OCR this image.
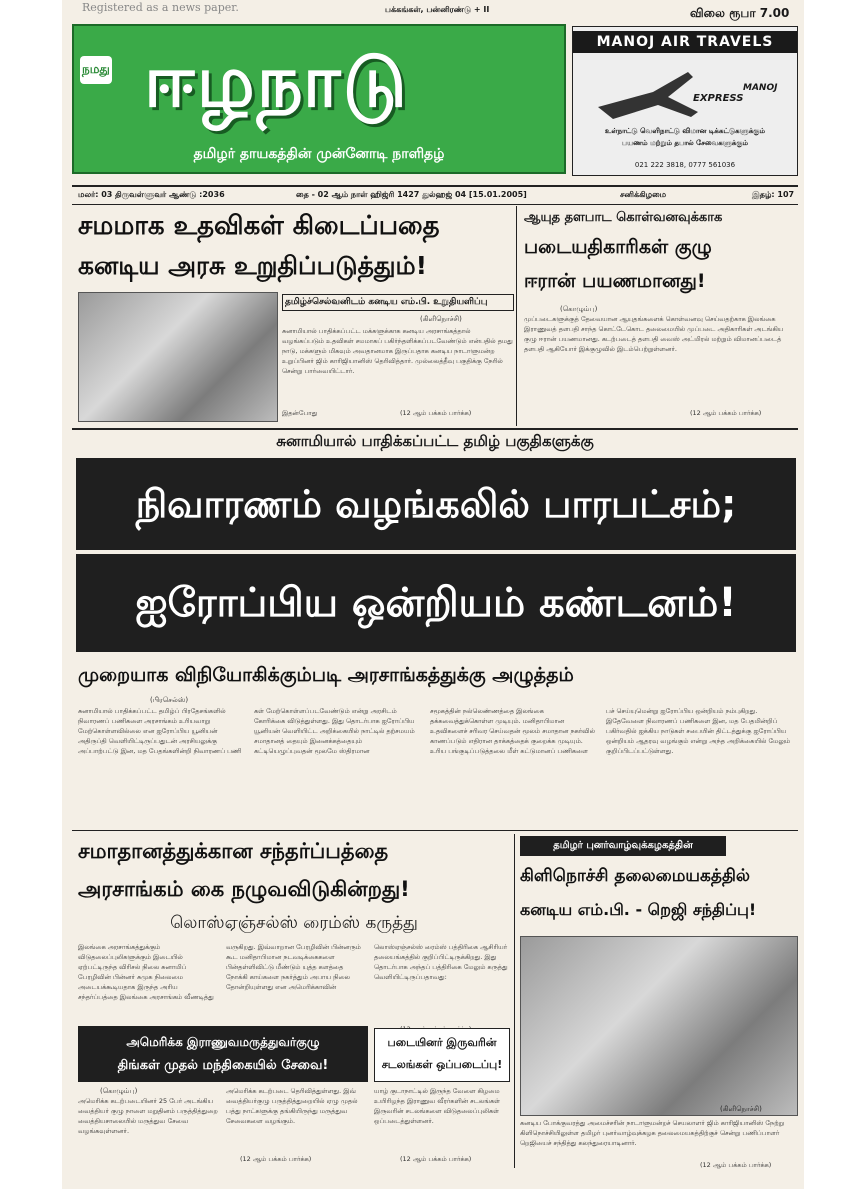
Registered as a news paper.	பக்கங்கள், பன்னிரண்டு + II	விலை ரூபா 7.00
நமது ஈழநாடு
தமிழர் தாயகத்தின் முன்னோடி நாளிதழ்
MANOJ AIR TRAVELS
EXPRESS
MANOJ
உள்நாட்டு வெளிநாட்டு விமான டிக்கட்டுகளுக்கும்
பயணம் மற்றும் தபால் சேவைகளுக்கும்
021 222 3818, 0777 561036
மலர்: 03 திருவள்ளுவர் ஆண்டு :2036	தை - 02 ஆம் நாள் ஹிஜ்ரி 1427 துல்ஹஜ் 04 [15.01.2005]	சனிக்கிழமை	இதழ்: 107
சமமாக உதவிகள் கிடைப்பதை
கனடிய அரசு உறுதிப்படுத்தும்!
தமிழ்ச்செல்வனிடம் கனடிய எம்.பி. உறுதியளிப்பு
(கிளிநொச்சி)
சுனாமியால் பாதிக்கப்பட்ட மக்களுக்காக கனடிய அரசாங்கத்தால் வழங்கப்படும் உதவிகள் சமமாகப் பகிர்ந்தளிக்கப்படவேண்டும் என்பதில் தமது நாடு, மக்களும் மிகவும் அவதானமாக இருப்பதாக கனடிய நாடாளுமன்ற உறுப்பினர் ஜிம் காரிஜியானிஸ் தெரிவித்தார். முல்லைத்தீவு பகுதிக்கு நேரில் சென்று பார்வையிட்டார்.
இதன்போது	(12 ஆம் பக்கம் பார்க்க)
ஆயுத தளபாட கொள்வனவுக்காக
படையதிகாரிகள் குழு
ஈரான் பயணமானது!
(கொழும்பு)
முப்படைகளுக்குத் தேவையான ஆயுதங்களைக் கொள்வனவு செய்வதற்காக இலங்கை இராணுவத் தளபதி சாந்த கொட்டேகொட தலைமையில் முப்படை அதிகாரிகள் அடங்கிய குழு ஈரான் பயணமானது. கடற்படைத் தளபதி வைஸ் அட்மிரல் மற்றும் விமானப்படைத் தளபதி ஆகியோர் இக்குழுவில் இடம்பெற்றுள்ளனர்.
(12 ஆம் பக்கம் பார்க்க)
சுனாமியால் பாதிக்கப்பட்ட தமிழ் பகுதிகளுக்கு
நிவாரணம் வழங்கலில் பாரபட்சம்;
ஐரோப்பிய ஒன்றியம் கண்டனம்!
முறையாக விநியோகிக்கும்படி அரசாங்கத்துக்கு அழுத்தம்
(பிரசெல்ஸ்)
சுனாமியால் பாதிக்கப்பட்ட தமிழ்ப் பிரதேசங்களில் நிவாரணப் பணிகளை அரசாங்கம் உரியவாறு மேற்கொள்ளவில்லை என ஐரோப்பிய யூனியன் அதிருப்தி வெளியிட்டிருப்பதுடன் அரசியலுக்கு அப்பாற்பட்டு இன, மத பேதங்களின்றி நிவாரணப் பணி
கள் மேற்கொள்ளப்படவேண்டும் என்று அரசிடம் கோரிக்கை விடுத்துள்ளது. இது தொடர்பாக ஐரோப்பிய யூனியன் வெளியிட்ட அறிக்கையில் நாட்டில் தற்சமயம் சமாதானத் தையும் இனைக்கத்தையும் கட்டியெழுப்புவதன் மூலமே ஸ்திரமான
சமூகத்தின் நல்லெண்ணத்தை இலங்கை தக்கவைத்துக்கொள்ள முடியும். மனிதாபிமான உதவிகளைச் சரிவர செய்வதன் மூலம் சமாதான நகர்வில் காணப்படும் எதிரான தாக்கத்தைக் குறைக்க முடியும். உரிய பங்குடிப்படுத்தலை மீள் கட்டுமானப் பணிகளை
பச் செய்யுமென்று ஐரோப்பிய ஒன்றியம் நம்புகிறது. இதேவேளை நிவாரணப் பணிகளை இன, மத பேதமின்றிப் பகிர்வதில் ஐக்கிய நாடுகள் சபையின் திட்டத்துக்கு ஐரோப்பிய ஒன்றியம் ஆதரவு வழங்கும் என்று அந்த அறிக்கையில் மேலும் குறிப்பிடப்பட்டுள்ளது.
சமாதானத்துக்கான சந்தர்ப்பத்தை
அரசாங்கம் கை நழுவவிடுகின்றது!
லொஸ்ஏஞ்சல்ஸ் ரைம்ஸ் கருத்து
இலங்கை அரசாங்கத்துக்கும் விடுதலைப்புலிகளுக்கும் இடையில் ஏற்பட்டிருந்த விரிசல் நிலை சுனாமிப் பேரழிவின் பின்னர் சுமுக நிலைமை அடையக்கூடியதாக இருந்த அரிய சந்தர்ப்பத்தை இலங்கை அரசாங்கம் வீணடித்து
வருகிறது. இவ்வாறான பேரழிவின் பின்னரும் கூட மனிதாபிமான நடவடிக்கைகளை பின்தள்ளிவிட்டு மீண்டும் யுத்த களத்தை நோக்கி காய்களை நகர்த்தும் அபாய நிலை தோன்றியுள்ளது என அமெரிக்காவின்
லொஸ்ஏஞ்சல்ஸ் ரைம்ஸ் பத்திரிகை ஆசிரியர் தலையங்கத்தில் குறிப்பிட்டிருக்கிறது. இது தொடர்பாக அந்தப் பத்திரிகை மேலும் கருத்து வெளியிட்டிருப்பதாவது:
அமெரிக்க இராணுவமருத்துவர்குழு
திங்கள் முதல் மந்திகையில் சேவை!
(கொழும்பு)
அமெரிக்க கடற்படையினர் 25 பேர் அடங்கிய வைத்தியர் குழு நாளை மறுதினம் பருத்தித்துறை வைத்தியசாலையில் மருத்துவ சேவை வழங்கவுள்ளனர்.
அமெரிக்க கடற்படை தெரிவித்துள்ளது. இவ் வைத்தியர்குழு பருத்தித்துறையில் ஏழு முதல் பத்து நாட்களுக்கு தங்கியிருந்து மருத்துவ சேவைகளை வழங்கும்.
(12 ஆம் பக்கம் பார்க்க)
படையினர் இருவரின்
சடலங்கள் ஒப்படைப்பு!
யாழ் குடாநாட்டில் இருந்த வேளை கிழமை உயிரிழந்த இராணுவ வீரர்களின் சடலங்கள் இருவரின் சடலங்களை விடுதலைப்புலிகள் ஒப்படைத்துள்ளனர்.
(12 ஆம் பக்கம் பார்க்க)
தமிழர் புனர்வாழ்வுக்கழகத்தின்
கிளிநொச்சி தலைமையகத்தில்
கனடிய எம்.பி. - றெஜி சந்திப்பு!
(கிளிநொச்சி)
கனடிய போக்குவரத்து அமைச்சரின் நாடாளுமன்றச் செயலாளர் ஜிம் காரிஜியானிஸ் நேற்று கிளிநொச்சியிலுள்ள தமிழர் புனர்வாழ்வுக்கழக தலைமையகத்திற்குச் சென்று பணிப்பாளர் றெஜியைச் சந்தித்து கலந்துரையாடினார்.
(12 ஆம் பக்கம் பார்க்க)
